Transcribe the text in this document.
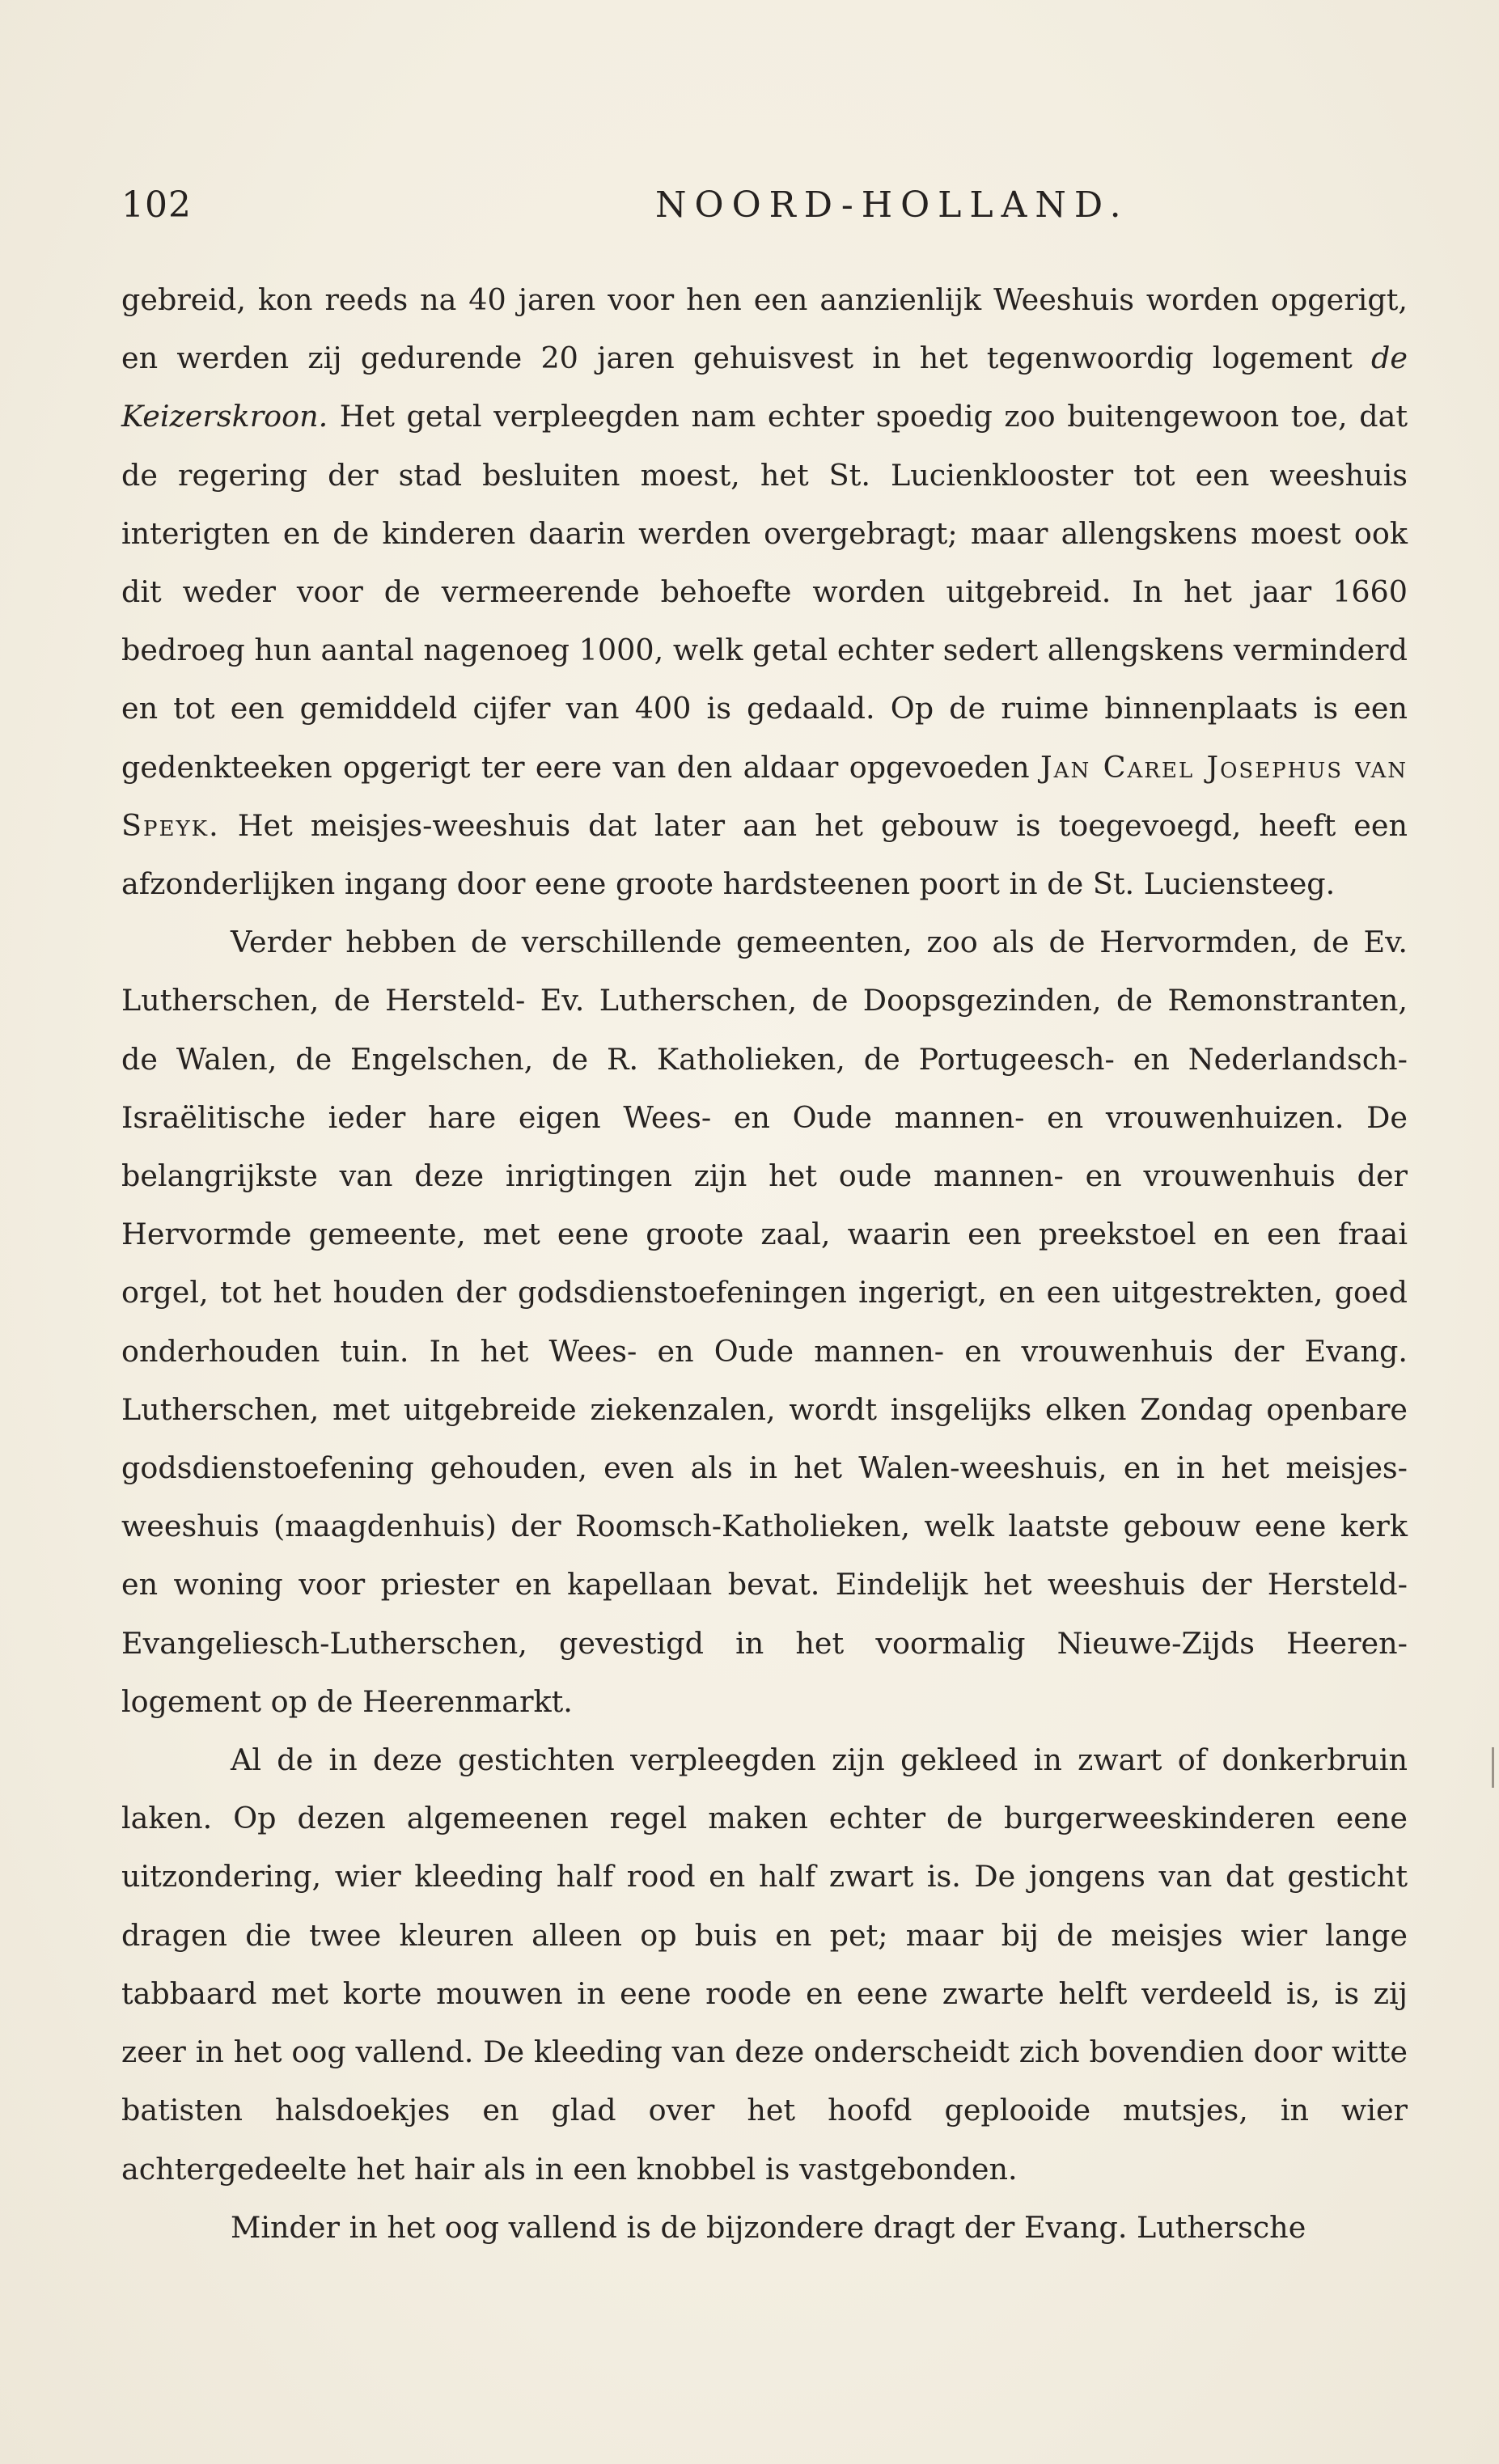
102	NOORD-HOLLAND.

gebreid, kon reeds na 40 jaren voor hen een aanzienlijk Weeshuis worden opgerigt, en werden zij gedurende 20 jaren gehuisvest in het tegenwoordig logement de Keizerskroon. Het getal verpleegden nam echter spoedig zoo buitengewoon toe, dat de regering der stad besluiten moest, het St. Lucienklooster tot een weeshuis interigten en de kinderen daarin werden overgebragt; maar allengskens moest ook dit weder voor de vermeerende behoefte worden uitgebreid. In het jaar 1660 bedroeg hun aantal nagenoeg 1000, welk getal echter sedert allengskens verminderd en tot een gemiddeld cijfer van 400 is gedaald. Op de ruime binnenplaats is een gedenkteeken opgerigt ter eere van den aldaar opgevoeden Jan Carel Josephus van Speyk. Het meisjes-weeshuis dat later aan het gebouw is toegevoegd, heeft een afzonderlijken ingang door eene groote hardsteenen poort in de St. Luciensteeg.

Verder hebben de verschillende gemeenten, zoo als de Hervormden, de Ev. Lutherschen, de Hersteld- Ev. Lutherschen, de Doopsgezinden, de Remonstranten, de Walen, de Engelschen, de R. Katholieken, de Portugeesch- en Nederlandsch-Israëlitische ieder hare eigen Wees- en Oude mannen- en vrouwenhuizen. De belangrijkste van deze inrigtingen zijn het oude mannen- en vrouwenhuis der Hervormde gemeente, met eene groote zaal, waarin een preekstoel en een fraai orgel, tot het houden der godsdienstoefeningen ingerigt, en een uitgestrekten, goed onderhouden tuin. In het Wees- en Oude mannen- en vrouwenhuis der Evang. Lutherschen, met uitgebreide ziekenzalen, wordt insgelijks elken Zondag openbare godsdienstoefening gehouden, even als in het Walen-weeshuis, en in het meisjes-weeshuis (maagdenhuis) der Roomsch-Katholieken, welk laatste gebouw eene kerk en woning voor priester en kapellaan bevat. Eindelijk het weeshuis der Hersteld-Evangeliesch-Lutherschen, gevestigd in het voormalig Nieuwe-Zijds Heeren-logement op de Heerenmarkt.

Al de in deze gestichten verpleegden zijn gekleed in zwart of donkerbruin laken. Op dezen algemeenen regel maken echter de burgerweeskinderen eene uitzondering, wier kleeding half rood en half zwart is. De jongens van dat gesticht dragen die twee kleuren alleen op buis en pet; maar bij de meisjes wier lange tabbaard met korte mouwen in eene roode en eene zwarte helft verdeeld is, is zij zeer in het oog vallend. De kleeding van deze onderscheidt zich bovendien door witte batisten halsdoekjes en glad over het hoofd geplooide mutsjes, in wier achtergedeelte het hair als in een knobbel is vastgebonden.

Minder in het oog vallend is de bijzondere dragt der Evang. Luthersche
